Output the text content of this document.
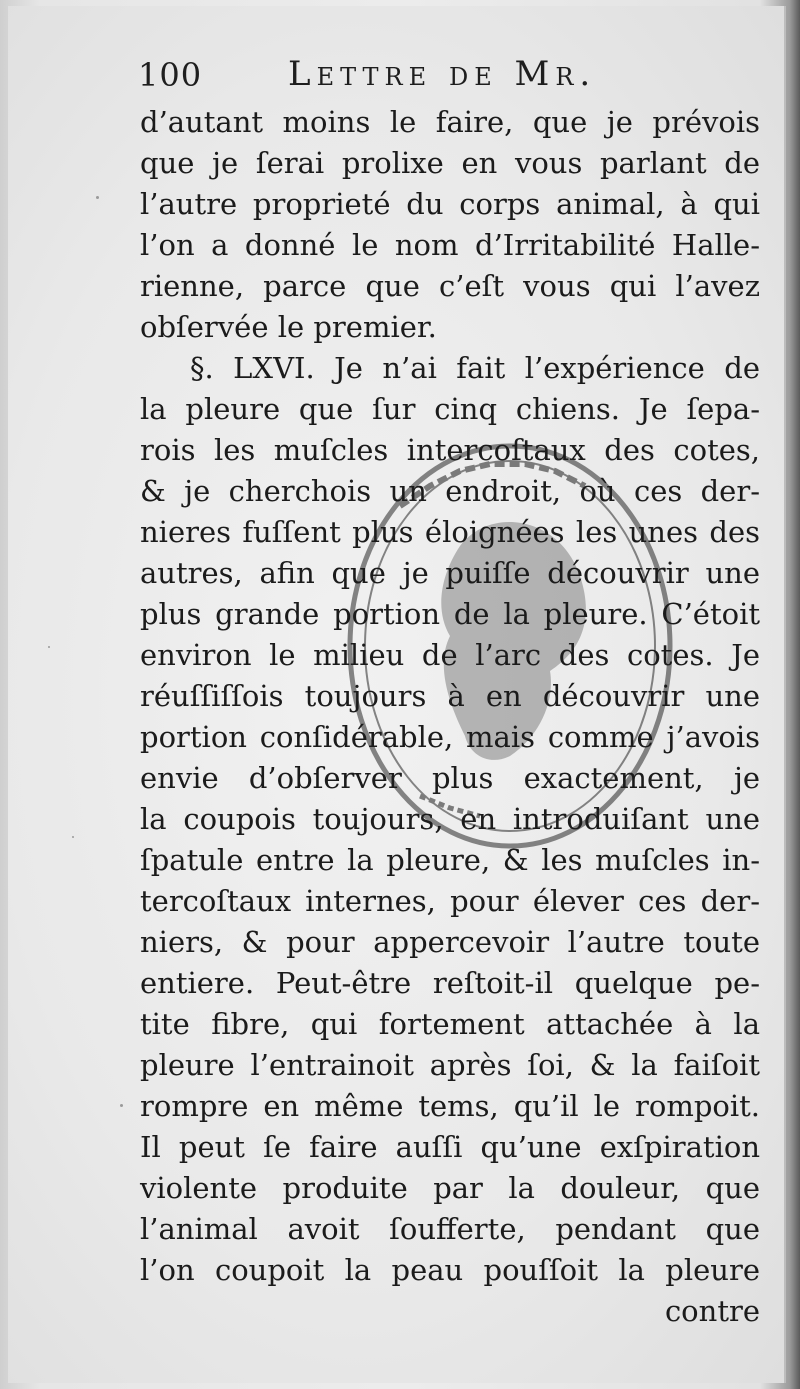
100	Lettre de Mr.
d’autant moins le faire, que je prévois
que je ſerai prolixe en vous parlant de
l’autre proprieté du corps animal, à qui
l’on a donné le nom d’Irritabilité Halle-
rienne, parce que c’eſt vous qui l’avez
obſervée le premier.
§. LXVI. Je n’ai fait l’expérience de
la pleure que ſur cinq chiens. Je ſepa-
rois les muſcles intercoſtaux des cotes,
& je cherchois un endroit, où ces der-
nieres fuſſent plus éloignées les unes des
autres, afin que je puiſſe découvrir une
plus grande portion de la pleure. C’étoit
environ le milieu de l’arc des cotes. Je
réuſſiſſois toujours à en découvrir une
portion conſidérable, mais comme j’avois
envie d’obſerver plus exactement, je
la coupois toujours, en introduiſant une
ſpatule entre la pleure, & les muſcles in-
tercoſtaux internes, pour élever ces der-
niers, & pour appercevoir l’autre toute
entiere. Peut-être reſtoit-il quelque pe-
tite fibre, qui fortement attachée à la
pleure l’entrainoit après ſoi, & la faiſoit
rompre en même tems, qu’il le rompoit.
Il peut ſe faire auſſi qu’une exſpiration
violente produite par la douleur, que
l’animal avoit ſoufferte, pendant que
l’on coupoit la peau pouſſoit la pleure
contre
